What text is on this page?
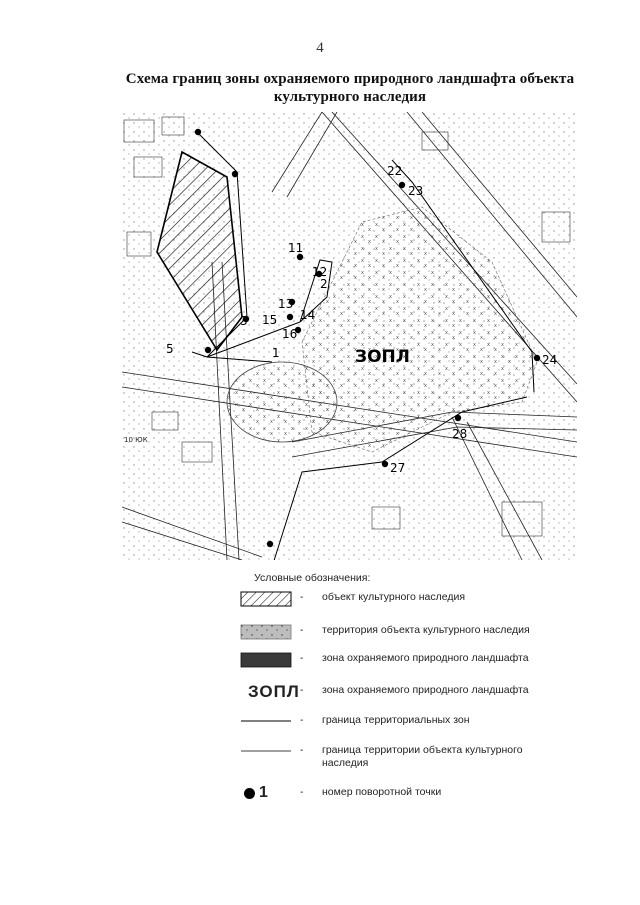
4
Схема границ зоны охраняемого природного ландшафта объекта культурного наследия
1
2
3
5
11
12
13
14
15
16
22
23
24
27
28
ЗОПЛ
10 ЮК
Условные обозначения:
- объект культурного наследия
- территория объекта культурного наследия
- зона охраняемого природного ландшафта
ЗОПЛ - зона охраняемого природного ландшафта
- граница территориальных зон
- граница территории объекта культурного наследия
1	- номер поворотной точки
